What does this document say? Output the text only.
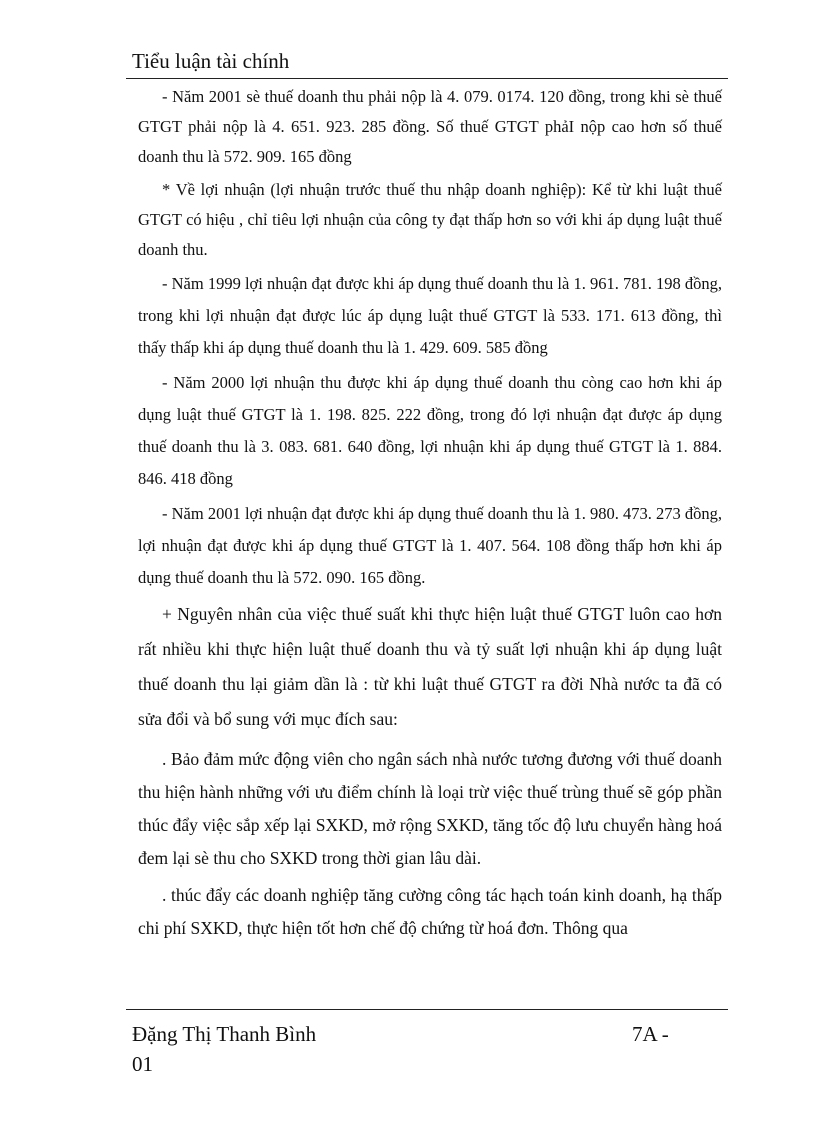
Tiểu luận tài chính

- Năm 2001 sè thuế doanh thu phải nộp là 4. 079. 0174. 120 đồng, trong khi sè thuế GTGT phải nộp là 4. 651. 923. 285 đồng. Số thuế GTGT phảI nộp cao hơn số thuế doanh thu là 572. 909. 165 đồng

* Về lợi nhuận (lợi nhuận trước thuế thu nhập doanh nghiệp): Kể từ khi luật thuế GTGT có hiệu , chỉ tiêu lợi nhuận của công ty đạt thấp hơn so với khi áp dụng luật thuế doanh thu.

- Năm 1999 lợi nhuận đạt được khi áp dụng thuế doanh thu là 1. 961. 781. 198 đồng, trong khi lợi nhuận đạt được lúc áp dụng luật thuế GTGT là 533. 171. 613 đồng, thì thấy thấp khi áp dụng thuế doanh thu là 1. 429. 609. 585 đồng

- Năm 2000 lợi nhuận thu được khi áp dụng thuế doanh thu còng cao hơn khi áp dụng luật thuế GTGT là 1. 198. 825. 222 đồng, trong đó lợi nhuận đạt được áp dụng thuế doanh thu là 3. 083. 681. 640 đồng, lợi nhuận khi áp dụng thuế GTGT là 1. 884. 846. 418 đồng

- Năm 2001 lợi nhuận đạt được khi áp dụng thuế doanh thu là 1. 980. 473. 273 đồng, lợi nhuận đạt được khi áp dụng thuế GTGT là 1. 407. 564. 108 đồng thấp hơn khi áp dụng thuế doanh thu là 572. 090. 165 đồng.

+ Nguyên nhân của việc thuế suất khi thực hiện luật thuế GTGT luôn cao hơn rất nhiều khi thực hiện luật thuế doanh thu và tỷ suất lợi nhuận khi áp dụng luật thuế doanh thu lại giảm dần là : từ khi luật thuế GTGT ra đời Nhà nước ta đã có sửa đổi và bổ sung với mục đích sau:

. Bảo đảm mức động viên cho ngân sách nhà nước tương đương với thuế doanh thu hiện hành những với ưu điểm chính là loại trừ việc thuế trùng thuế sẽ góp phần thúc đẩy việc sắp xếp lại SXKD, mở rộng SXKD, tăng tốc độ lưu chuyển hàng hoá đem lại sè thu cho SXKD trong thời gian lâu dài.

. thúc đẩy các doanh nghiệp tăng cường công tác hạch toán kinh doanh, hạ thấp chi phí SXKD, thực hiện tốt hơn chế độ chứng từ hoá đơn. Thông qua

Đặng Thị Thanh Bình 01

7A -
